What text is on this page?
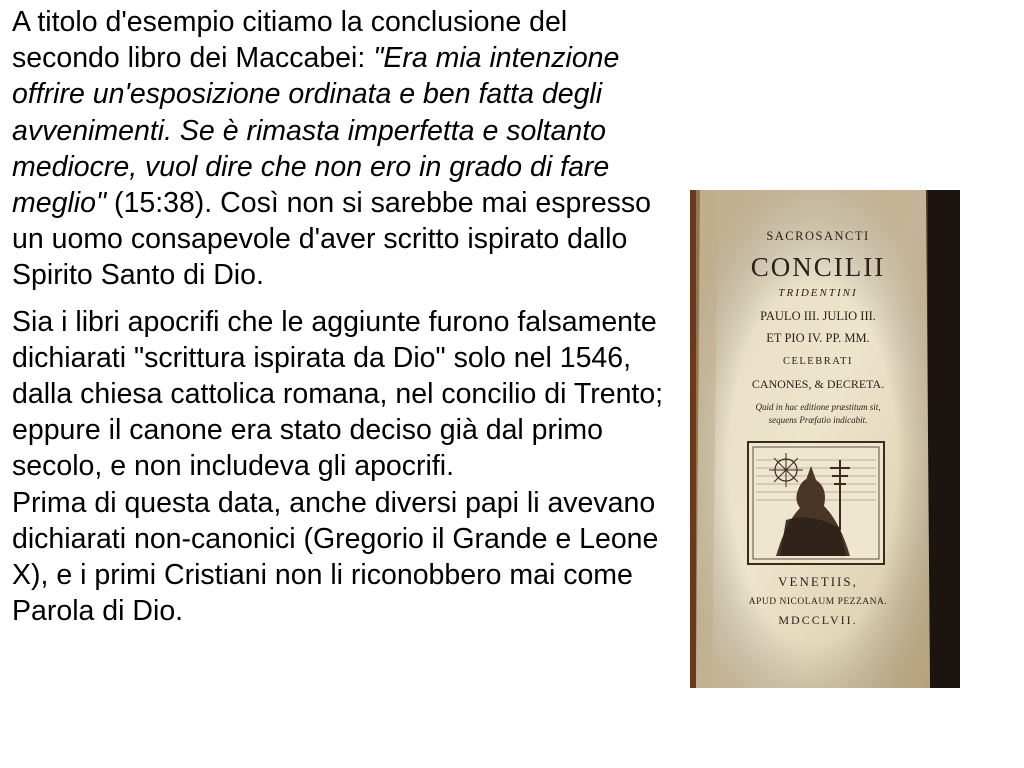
A titolo d'esempio citiamo la conclusione del secondo libro dei Maccabei: "Era mia intenzione offrire un'esposizione ordinata e ben fatta degli avvenimenti. Se è rimasta imperfetta e soltanto mediocre, vuol dire che non ero in grado di fare meglio" (15:38). Così non si sarebbe mai espresso un uomo consapevole d'aver scritto ispirato dallo Spirito Santo di Dio.

Sia i libri apocrifi che le aggiunte furono falsamente dichiarati "scrittura ispirata da Dio" solo nel 1546, dalla chiesa cattolica romana, nel concilio di Trento; eppure il canone era stato deciso già dal primo secolo, e non includeva gli apocrifi.
Prima di questa data, anche diversi papi li avevano dichiarati non-canonici (Gregorio il Grande e Leone X), e i primi Cristiani non li riconobbero mai come Parola di Dio.

SACROSANCTI
CONCILII
TRIDENTINI
PAULO III. JULIO III.
ET PIO IV. PP. MM.
CELEBRATI
CANONES, & DECRETA.
Quid in hac editione præstitum sit,
sequens Præfatio indicabit.
VENETIIS,
APUD NICOLAUM PEZZANA.
MDCCLVII.
